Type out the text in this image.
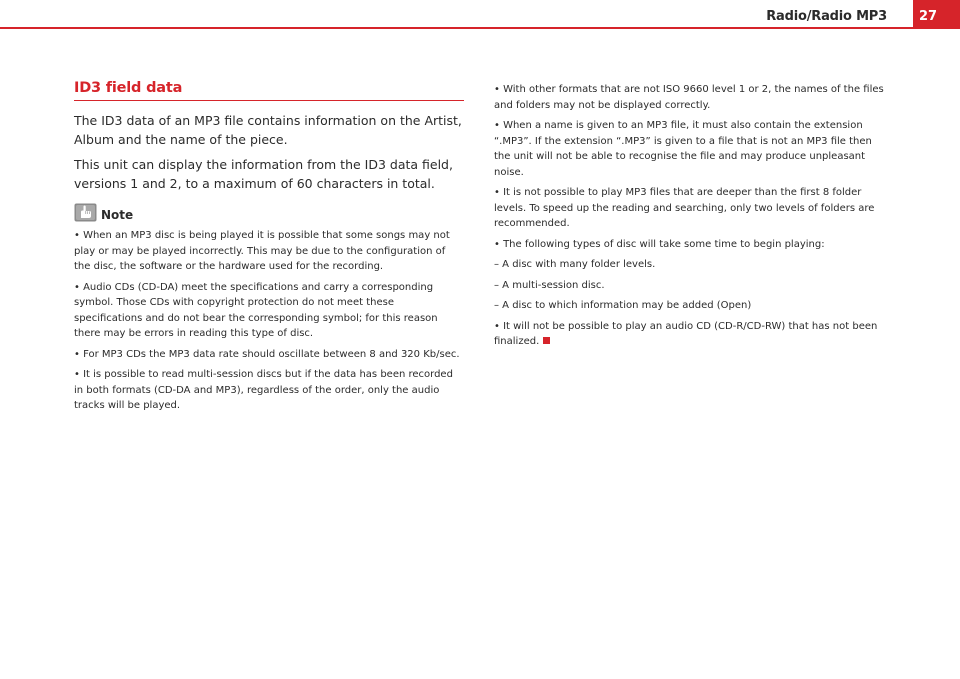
Radio/Radio MP3 27
ID3 field data

The ID3 data of an MP3 file contains information on the Artist, Album and the name of the piece.

This unit can display the information from the ID3 data field, versions 1 and 2, to a maximum of 60 characters in total.

Note

• When an MP3 disc is being played it is possible that some songs may not play or may be played incorrectly. This may be due to the configuration of the disc, the software or the hardware used for the recording.

• Audio CDs (CD-DA) meet the specifications and carry a corresponding symbol. Those CDs with copyright protection do not meet these specifications and do not bear the corresponding symbol; for this reason there may be errors in reading this type of disc.

• For MP3 CDs the MP3 data rate should oscillate between 8 and 320 Kb/sec.

• It is possible to read multi-session discs but if the data has been recorded in both formats (CD-DA and MP3), regardless of the order, only the audio tracks will be played.

• With other formats that are not ISO 9660 level 1 or 2, the names of the files and folders may not be displayed correctly.

• When a name is given to an MP3 file, it must also contain the extension “.MP3”. If the extension “.MP3” is given to a file that is not an MP3 file then the unit will not be able to recognise the file and may produce unpleasant noise.

• It is not possible to play MP3 files that are deeper than the first 8 folder levels. To speed up the reading and searching, only two levels of folders are recommended.

• The following types of disc will take some time to begin playing:

– A disc with many folder levels.

– A multi-session disc.

– A disc to which information may be added (Open)

• It will not be possible to play an audio CD (CD-R/CD-RW) that has not been finalized.
